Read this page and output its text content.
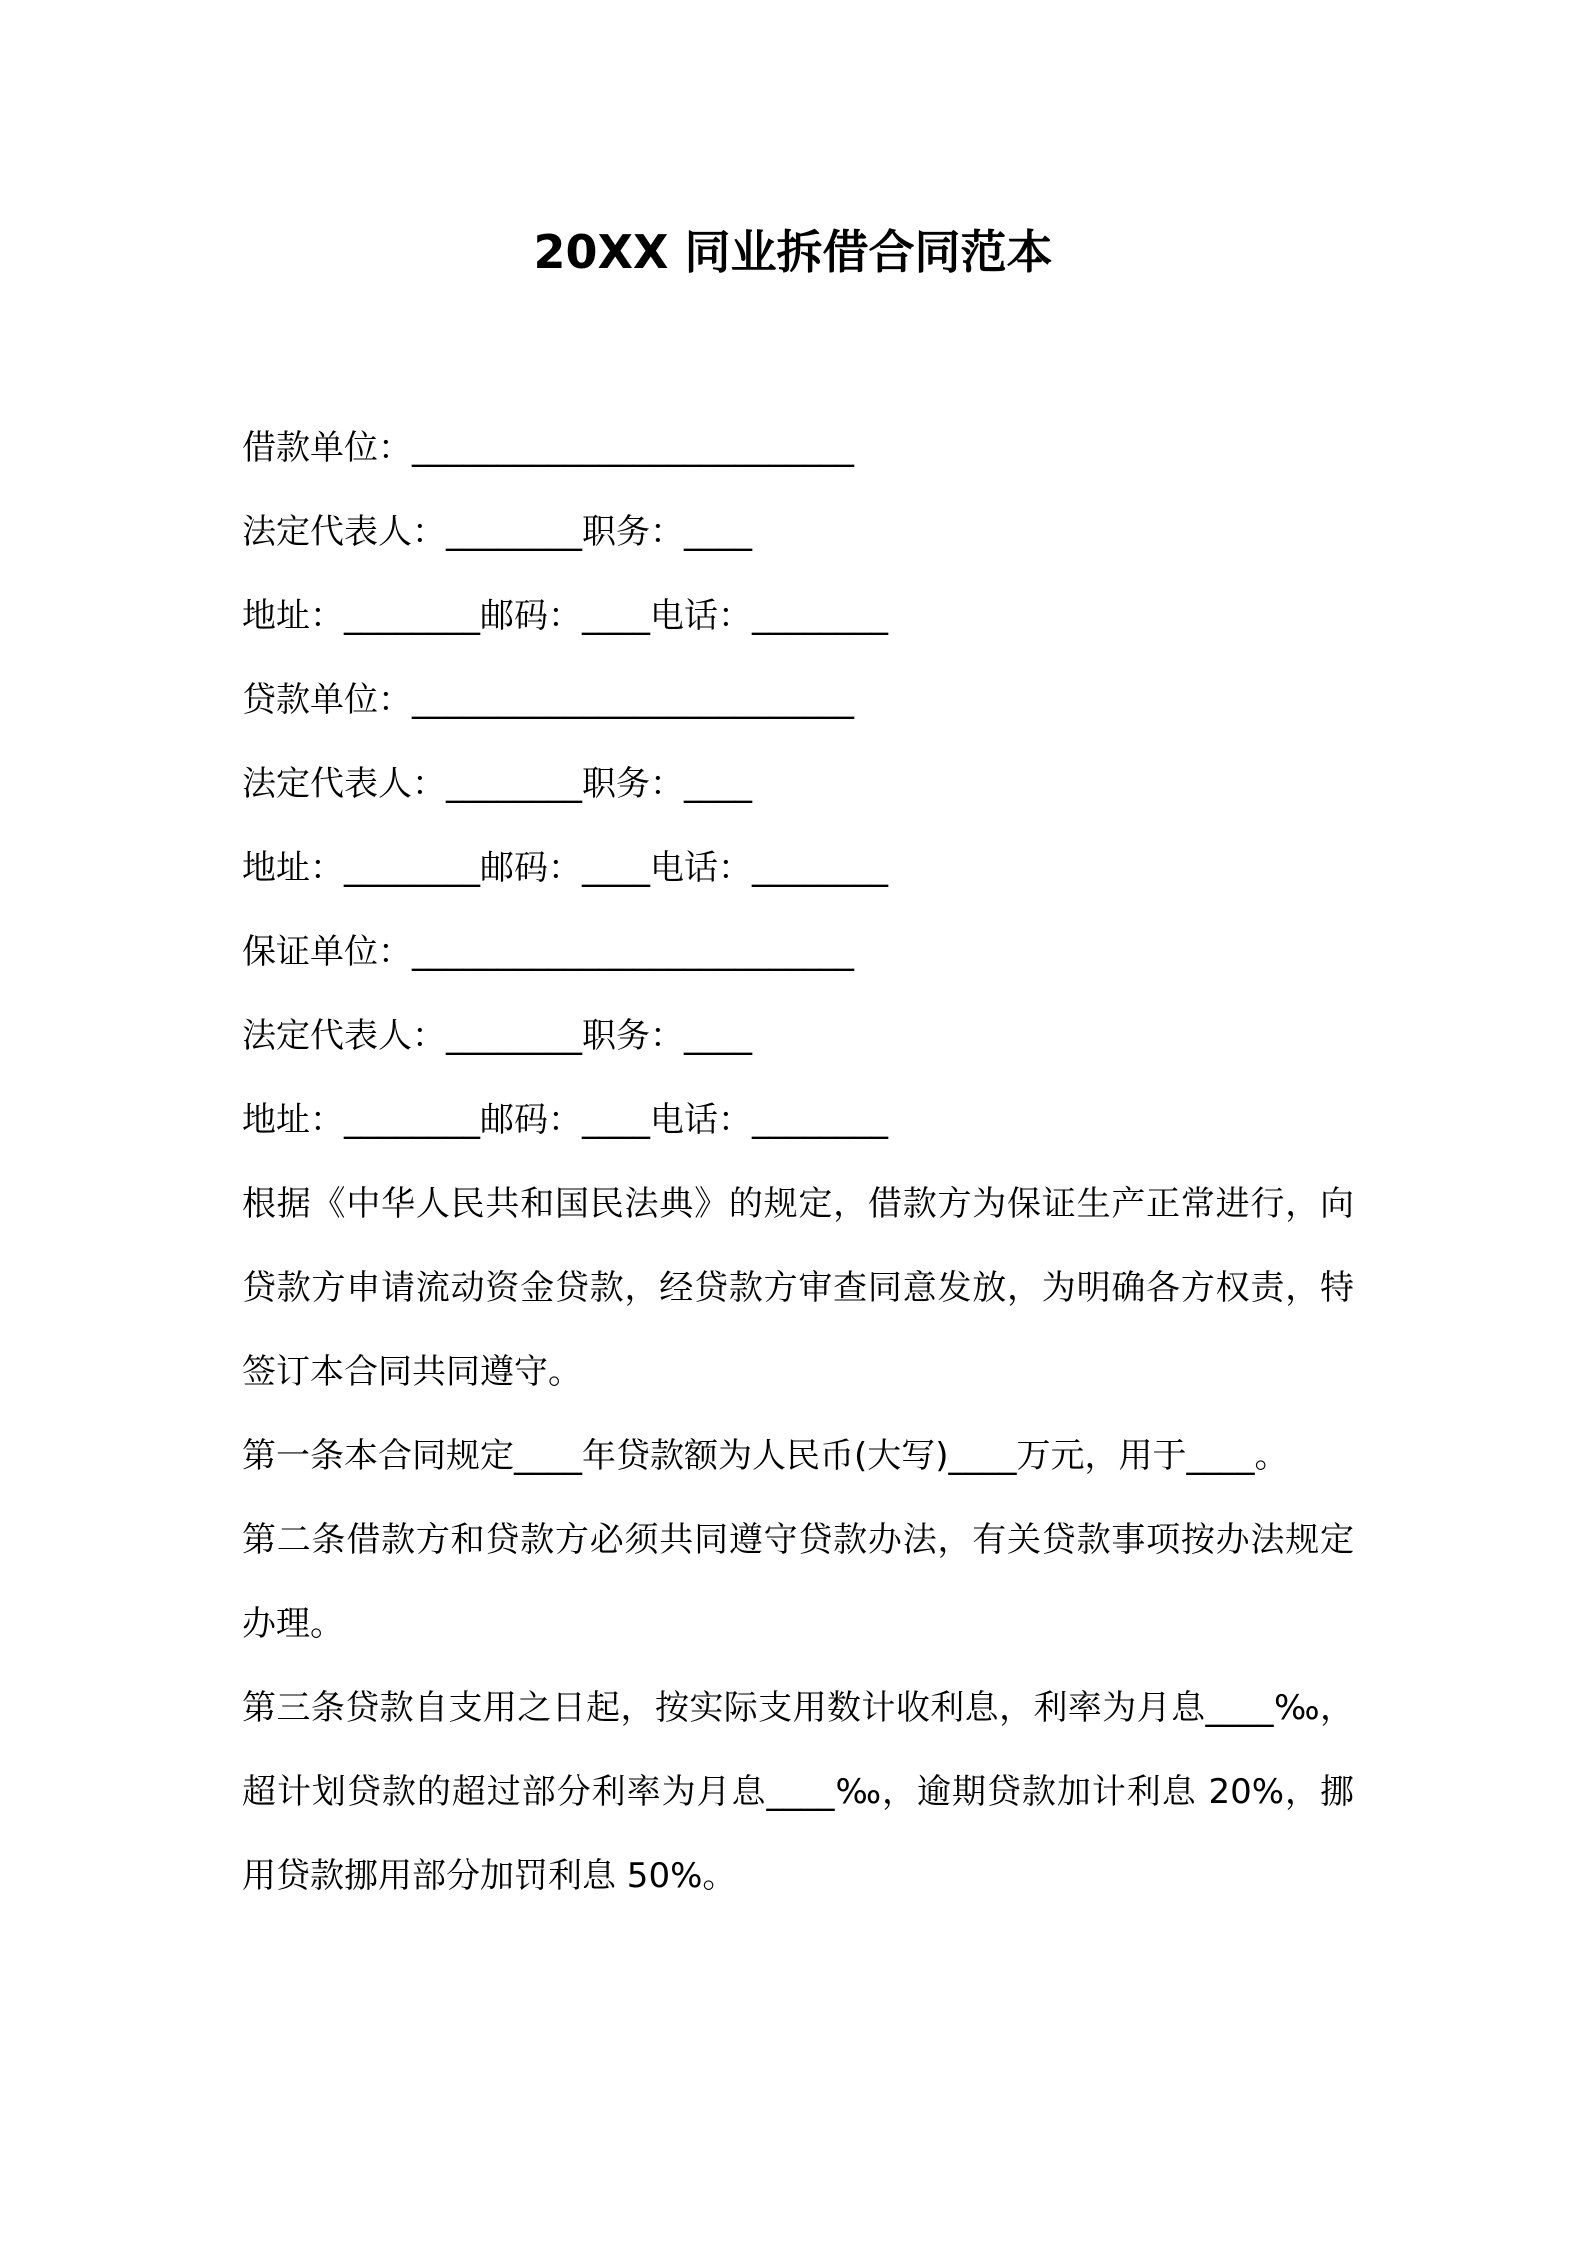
20XX 同业拆借合同范本

借款单位：__________________________

法定代表人：________职务：____

地址：________邮码：____电话：________

贷款单位：__________________________

法定代表人：________职务：____

地址：________邮码：____电话：________

保证单位：__________________________

法定代表人：________职务：____

地址：________邮码：____电话：________

根据《中华人民共和国民法典》的规定，借款方为保证生产正常进行，向贷款方申请流动资金贷款，经贷款方审查同意发放，为明确各方权责，特签订本合同共同遵守。

第一条本合同规定____年贷款额为人民币(大写)____万元，用于____。

第二条借款方和贷款方必须共同遵守贷款办法，有关贷款事项按办法规定办理。

第三条贷款自支用之日起，按实际支用数计收利息，利率为月息____‰，超计划贷款的超过部分利率为月息____‰，逾期贷款加计利息 20%，挪用贷款挪用部分加罚利息 50%。
